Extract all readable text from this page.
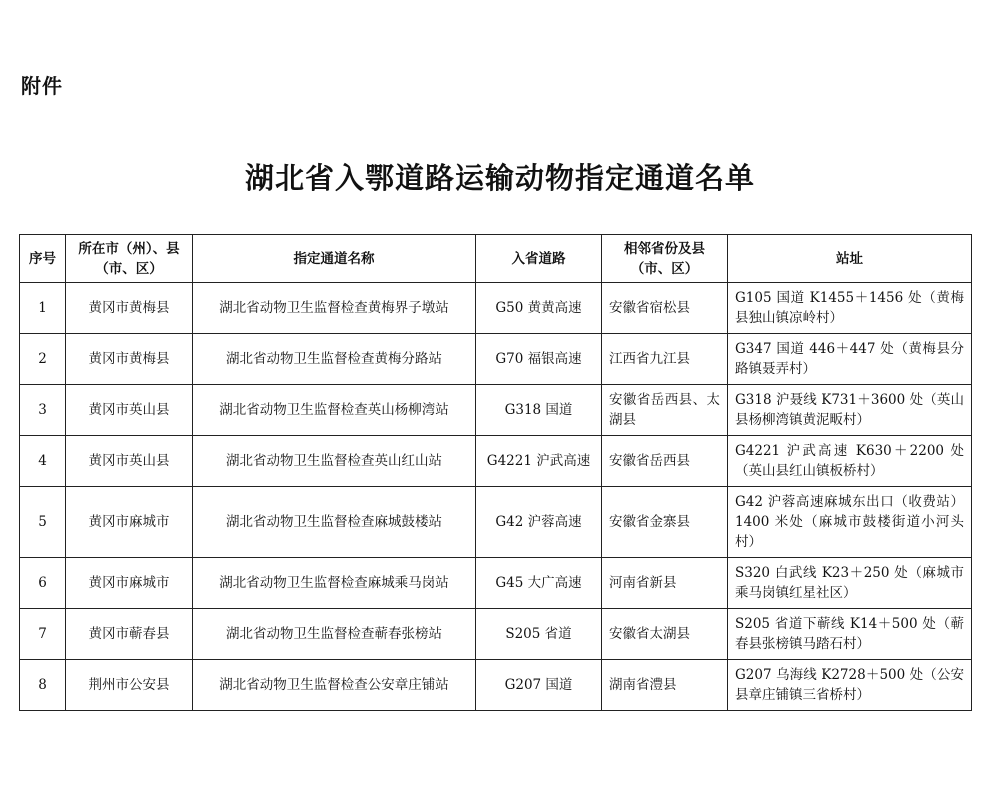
附件
湖北省入鄂道路运输动物指定通道名单
序号	所在市（州）、县（市、区）	指定通道名称	入省道路	相邻省份及县（市、区）	站址
1	黄冈市黄梅县	湖北省动物卫生监督检查黄梅界子墩站	G50 黄黄高速	安徽省宿松县	G105 国道 K1455＋1456 处（黄梅县独山镇凉岭村）
2	黄冈市黄梅县	湖北省动物卫生监督检查黄梅分路站	G70 福银高速	江西省九江县	G347 国道 446＋447 处（黄梅县分路镇聂弄村）
3	黄冈市英山县	湖北省动物卫生监督检查英山杨柳湾站	G318 国道	安徽省岳西县、太湖县	G318 沪聂线 K731＋3600 处（英山县杨柳湾镇黄泥畈村）
4	黄冈市英山县	湖北省动物卫生监督检查英山红山站	G4221 沪武高速	安徽省岳西县	G4221 沪武高速 K630＋2200 处（英山县红山镇板桥村）
5	黄冈市麻城市	湖北省动物卫生监督检查麻城鼓楼站	G42 沪蓉高速	安徽省金寨县	G42 沪蓉高速麻城东出口（收费站）1400 米处（麻城市鼓楼街道小河头村）
6	黄冈市麻城市	湖北省动物卫生监督检查麻城乘马岗站	G45 大广高速	河南省新县	S320 白武线 K23＋250 处（麻城市乘马岗镇红星社区）
7	黄冈市蕲春县	湖北省动物卫生监督检查蕲春张榜站	S205 省道	安徽省太湖县	S205 省道下蕲线 K14＋500 处（蕲春县张榜镇马踏石村）
8	荆州市公安县	湖北省动物卫生监督检查公安章庄铺站	G207 国道	湖南省澧县	G207 乌海线 K2728＋500 处（公安县章庄铺镇三省桥村）
